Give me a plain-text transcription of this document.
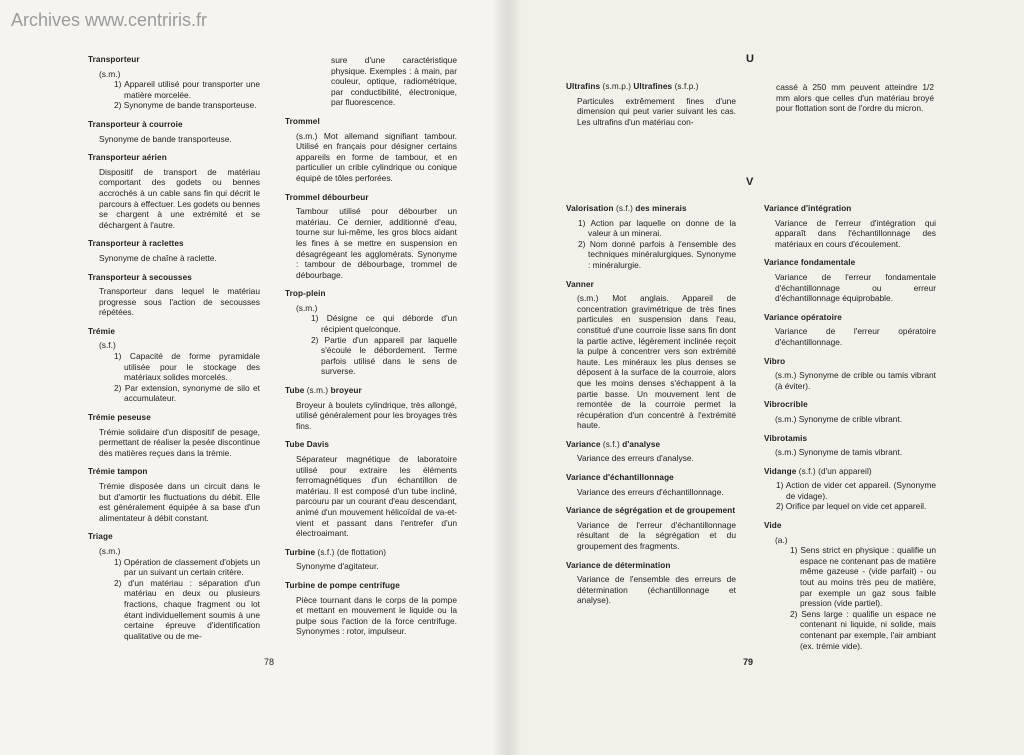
Archives www.centriris.fr
Transporteur
(s.m.)
1) Appareil utilisé pour transporter une matière morcelée.
2) Synonyme de bande transporteuse.
Transporteur à courroie
Synonyme de bande transporteuse.
Transporteur aérien
Dispositif de transport de matériau comportant des godets ou bennes accrochés à un cable sans fin qui décrit le parcours à effectuer. Les godets ou bennes se chargent à une extrémité et se déchargent à l'autre.
Transporteur à raclettes
Synonyme de chaîne à raclette.
Transporteur à secousses
Transporteur dans lequel le matériau progresse sous l'action de secousses répétées.
Trémie
(s.f.)
1) Capacité de forme pyramidale utilisée pour le stockage des matériaux solides morcelés.
2) Par extension, synonyme de silo et accumulateur.
Trémie peseuse
Trémie solidaire d'un dispositif de pesage, permettant de réaliser la pesée discontinue des matières reçues dans la trémie.
Trémie tampon
Trémie disposée dans un circuit dans le but d'amortir les fluctuations du débit. Elle est généralement équipée à sa base d'un alimentateur à débit constant.
Triage
(s.m.)
1) Opération de classement d'objets un par un suivant un certain critère.
2) d'un matériau : séparation d'un matériau en deux ou plusieurs fractions, chaque fragment ou lot étant individuellement soumis à une certaine épreuve d'identification qualitative ou de me-
sure d'une caractéristique physique. Exemples : à main, par couleur, optique, radiométrique, par conductibilité, électronique, par fluorescence.
Trommel
(s.m.) Mot allemand signifiant tambour. Utilisé en français pour désigner certains appareils en forme de tambour, et en particulier un crible cylindrique ou conique équipé de tôles perforées.
Trommel débourbeur
Tambour utilisé pour débourber un matériau. Ce dernier, additionné d'eau, tourne sur lui-même, les gros blocs aidant les fines à se mettre en suspension en désagrégeant les agglomérats. Synonyme : tambour de débourbage, trommel de débourbage.
Trop-plein
(s.m.)
1) Désigne ce qui déborde d'un récipient quelconque.
2) Partie d'un appareil par laquelle s'écoule le débordement. Terme parfois utilisé dans le sens de surverse.
Tube (s.m.) broyeur
Broyeur à boulets cylindrique, très allongé, utilisé généralement pour les broyages très fins.
Tube Davis
Séparateur magnétique de laboratoire utilisé pour extraire les éléments ferromagnétiques d'un échantillon de matériau. Il est composé d'un tube incliné, parcouru par un courant d'eau descendant, animé d'un mouvement hélicoïdal de va-et-vient et passant dans l'entrefer d'un électroaimant.
Turbine (s.f.) (de flottation)
Synonyme d'agitateur.
Turbine de pompe centrifuge
Pièce tournant dans le corps de la pompe et mettant en mouvement le liquide ou la pulpe sous l'action de la force centrifuge. Synonymes : rotor, impulseur.
78
U
Ultrafins (s.m.p.) Ultrafines (s.f.p.)
Particules extrêmement fines d'une dimension qui peut varier suivant les cas. Les ultrafins d'un matériau con-
cassé à 250 mm peuvent atteindre 1/2 mm alors que celles d'un matériau broyé pour flottation sont de l'ordre du micron.
V
Valorisation (s.f.) des minerais
1) Action par laquelle on donne de la valeur à un minerai.
2) Nom donné parfois à l'ensemble des techniques minéralurgiques. Synonyme : minéralurgie.
Vanner
(s.m.) Mot anglais. Appareil de concentration gravimétrique de très fines particules en suspension dans l'eau, constitué d'une courroie lisse sans fin dont la partie active, légèrement inclinée reçoit la pulpe à concentrer vers son extrémité haute. Les minéraux les plus denses se déposent à la surface de la courroie, alors que les moins denses s'échappent à la partie basse. Un mouvement lent de remontée de la courroie permet la récupération d'un concentré à l'extrémité haute.
Variance (s.f.) d'analyse
Variance des erreurs d'analyse.
Variance d'échantillonnage
Variance des erreurs d'échantillonnage.
Variance de ségrégation et de groupement
Variance de l'erreur d'échantillonnage résultant de la ségrégation et du groupement des fragments.
Variance de détermination
Variance de l'ensemble des erreurs de détermination (échantillonnage et analyse).
Variance d'intégration
Variance de l'erreur d'intégration qui apparaît dans l'échantillonnage des matériaux en cours d'écoulement.
Variance fondamentale
Variance de l'erreur fondamentale d'échantillonnage ou erreur d'échantillonnage équiprobable.
Variance opératoire
Variance de l'erreur opératoire d'échantillonnage.
Vibro
(s.m.) Synonyme de crible ou tamis vibrant (à éviter).
Vibrocrible
(s.m.) Synonyme de crible vibrant.
Vibrotamis
(s.m.) Synonyme de tamis vibrant.
Vidange (s.f.) (d'un appareil)
1) Action de vider cet appareil. (Synonyme de vidage).
2) Orifice par lequel on vide cet appareil.
Vide
(a.)
1) Sens strict en physique : qualifie un espace ne contenant pas de matière même gazeuse - (vide parfait) - ou tout au moins très peu de matière, par exemple un gaz sous faible pression (vide partiel).
2) Sens large : qualifie un espace ne contenant ni liquide, ni solide, mais contenant par exemple, l'air ambiant (ex. trémie vide).
79
